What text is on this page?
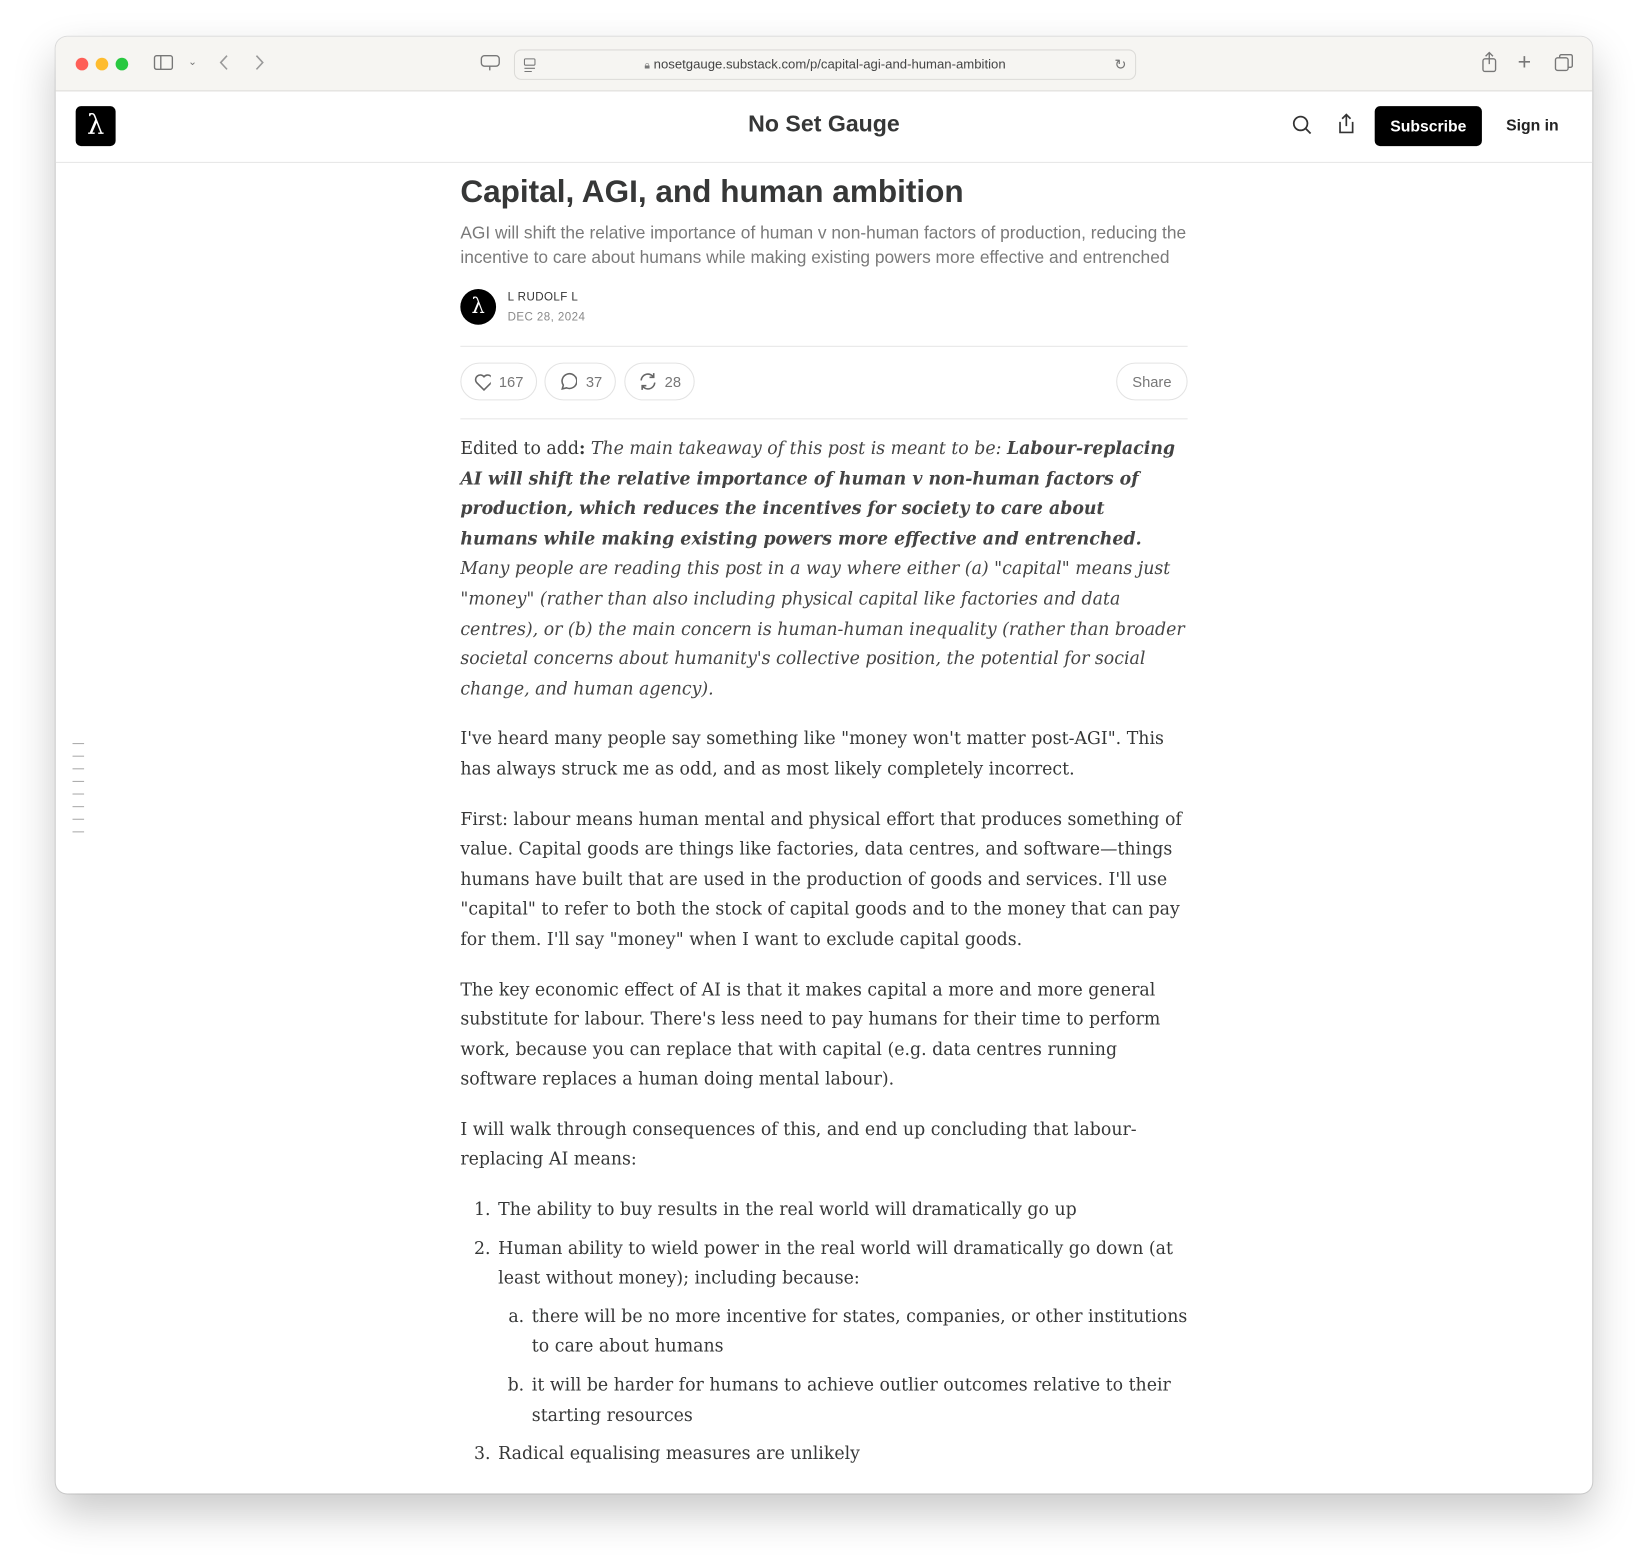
⌄	🔒︎ nosetgauge.substack.com/p/capital-agi-and-human-ambition	↻	+
λ	No Set Gauge	Subscribe	Sign in
Capital, AGI, and human ambition
AGI will shift the relative importance of human v non-human factors of production, reducing the incentive to care about humans while making existing powers more effective and entrenched
λ	L RUDOLF L
DEC 28, 2024
167	37	28	Share

Edited to add: The main takeaway of this post is meant to be: Labour-replacing AI will shift the relative importance of human v non-human factors of production, which reduces the incentives for society to care about humans while making existing powers more effective and entrenched. Many people are reading this post in a way where either (a) "capital" means just "money" (rather than also including physical capital like factories and data centres), or (b) the main concern is human-human inequality (rather than broader societal concerns about humanity's collective position, the potential for social change, and human agency).

I've heard many people say something like "money won't matter post-AGI". This has always struck me as odd, and as most likely completely incorrect.

First: labour means human mental and physical effort that produces something of value. Capital goods are things like factories, data centres, and software—things humans have built that are used in the production of goods and services. I'll use "capital" to refer to both the stock of capital goods and to the money that can pay for them. I'll say "money" when I want to exclude capital goods.

The key economic effect of AI is that it makes capital a more and more general substitute for labour. There's less need to pay humans for their time to perform work, because you can replace that with capital (e.g. data centres running software replaces a human doing mental labour).

I will walk through consequences of this, and end up concluding that labour-replacing AI means:

1. The ability to buy results in the real world will dramatically go up
2. Human ability to wield power in the real world will dramatically go down (at least without money); including because:
a. there will be no more incentive for states, companies, or other institutions to care about humans
b. it will be harder for humans to achieve outlier outcomes relative to their starting resources
3. Radical equalising measures are unlikely
